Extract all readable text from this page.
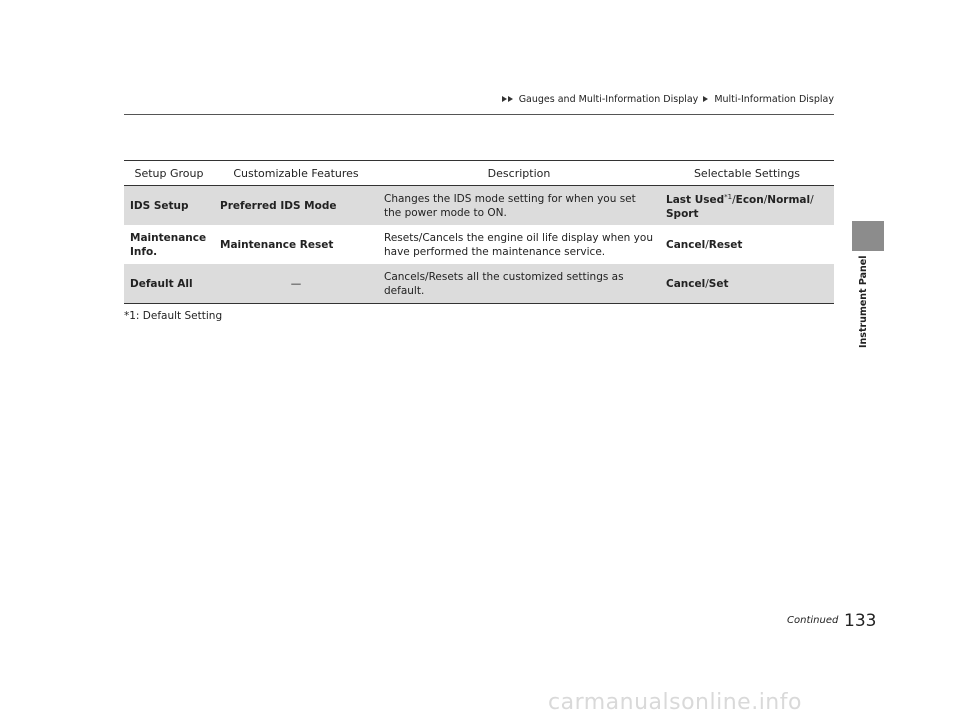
Gauges and Multi-Information Display Multi-Information Display
Instrument Panel
Setup Group	Customizable Features	Description	Selectable Settings
IDS Setup	Preferred IDS Mode	Changes the IDS mode setting for when you set the power mode to ON.	Last Used$^{*1}$/Econ/Normal/
Sport
Maintenance Info.	Maintenance Reset	Resets/Cancels the engine oil life display when you have performed the maintenance service.	Cancel/Reset
Default All	—	Cancels/Resets all the customized settings as default.	Cancel/Set
*1: Default Setting
Continued 133
carmanualsonline.info
